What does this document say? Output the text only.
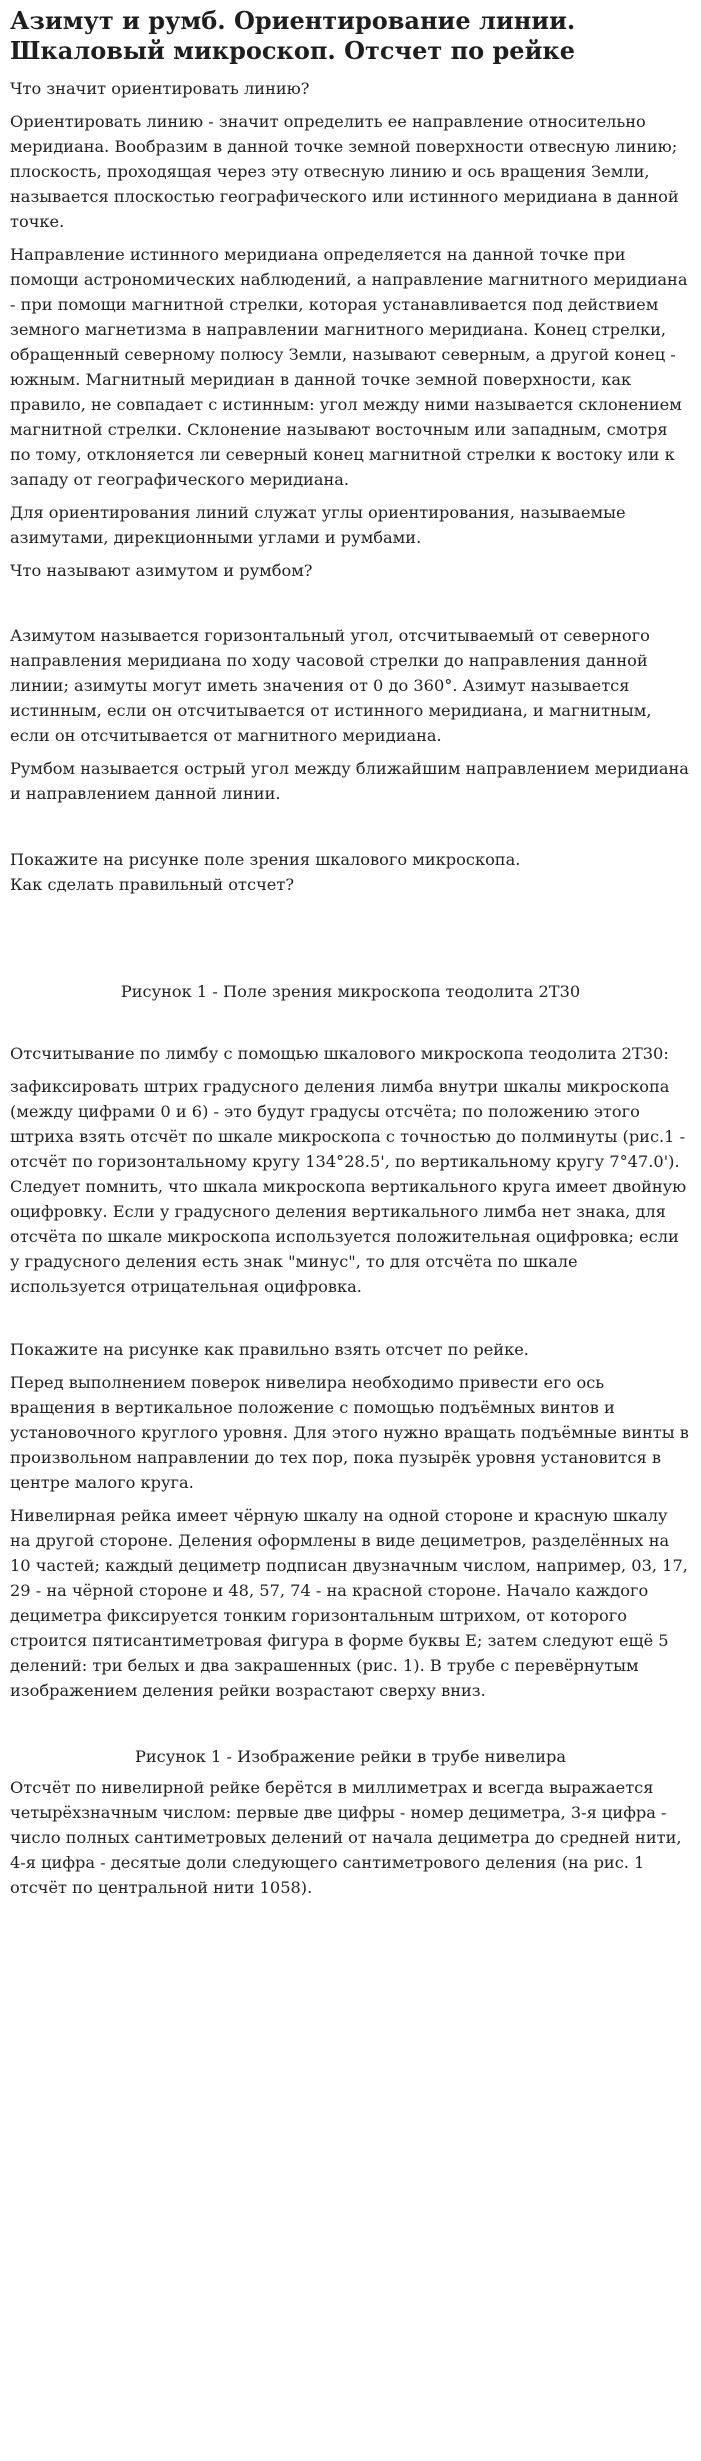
Азимут и румб. Ориентирование линии. Шкаловый микроскоп. Отсчет по рейке

Что значит ориентировать линию?

Ориентировать линию - значит определить ее направление относительно меридиана. Вообразим в данной точке земной поверхности отвесную линию; плоскость, проходящая через эту отвесную линию и ось вращения Земли, называется плоскостью географического или истинного меридиана в данной точке.

Направление истинного меридиана определяется на данной точке при помощи астрономических наблюдений, а направление магнитного меридиана - при помощи магнитной стрелки, которая устанавливается под действием земного магнетизма в направлении магнитного меридиана. Конец стрелки, обращенный северному полюсу Земли, называют северным, а другой конец - южным. Магнитный меридиан в данной точке земной поверхности, как правило, не совпадает с истинным: угол между ними называется склонением магнитной стрелки. Склонение называют восточным или западным, смотря по тому, отклоняется ли северный конец магнитной стрелки к востоку или к западу от географического меридиана.

Для ориентирования линий служат углы ориентирования, называемые азимутами, дирекционными углами и румбами.

Что называют азимутом и румбом?

Азимутом называется горизонтальный угол, отсчитываемый от северного направления меридиана по ходу часовой стрелки до направления данной линии; азимуты могут иметь значения от 0 до 360°. Азимут называется истинным, если он отсчитывается от истинного меридиана, и магнитным, если он отсчитывается от магнитного меридиана.

Румбом называется острый угол между ближайшим направлением меридиана и направлением данной линии.

Покажите на рисунке поле зрения шкалового микроскопа.

Как сделать правильный отсчет?

Рисунок 1 - Поле зрения микроскопа теодолита 2Т30

Отсчитывание по лимбу с помощью шкалового микроскопа теодолита 2Т30:

зафиксировать штрих градусного деления лимба внутри шкалы микроскопа (между цифрами 0 и 6) - это будут градусы отсчёта; по положению этого штриха взять отсчёт по шкале микроскопа с точностью до полминуты (рис.1 - отсчёт по горизонтальному кругу 134°28.5', по вертикальному кругу 7°47.0'). Следует помнить, что шкала микроскопа вертикального круга имеет двойную оцифровку. Если у градусного деления вертикального лимба нет знака, для отсчёта по шкале микроскопа используется положительная оцифровка; если у градусного деления есть знак "минус", то для отсчёта по шкале используется отрицательная оцифровка.

Покажите на рисунке как правильно взять отсчет по рейке.

Перед выполнением поверок нивелира необходимо привести его ось вращения в вертикальное положение с помощью подъёмных винтов и установочного круглого уровня. Для этого нужно вращать подъёмные винты в произвольном направлении до тех пор, пока пузырёк уровня установится в центре малого круга.

Нивелирная рейка имеет чёрную шкалу на одной стороне и красную шкалу на другой стороне. Деления оформлены в виде дециметров, разделённых на 10 частей; каждый дециметр подписан двузначным числом, например, 03, 17, 29 - на чёрной стороне и 48, 57, 74 - на красной стороне. Начало каждого дециметра фиксируется тонким горизонтальным штрихом, от которого строится пятисантиметровая фигура в форме буквы Е; затем следуют ещё 5 делений: три белых и два закрашенных (рис. 1). В трубе с перевёрнутым изображением деления рейки возрастают сверху вниз.

Рисунок 1 - Изображение рейки в трубе нивелира

Отсчёт по нивелирной рейке берётся в миллиметрах и всегда выражается четырёхзначным числом: первые две цифры - номер дециметра, 3-я цифра - число полных сантиметровых делений от начала дециметра до средней нити, 4-я цифра - десятые доли следующего сантиметрового деления (на рис. 1 отсчёт по центральной нити 1058).
